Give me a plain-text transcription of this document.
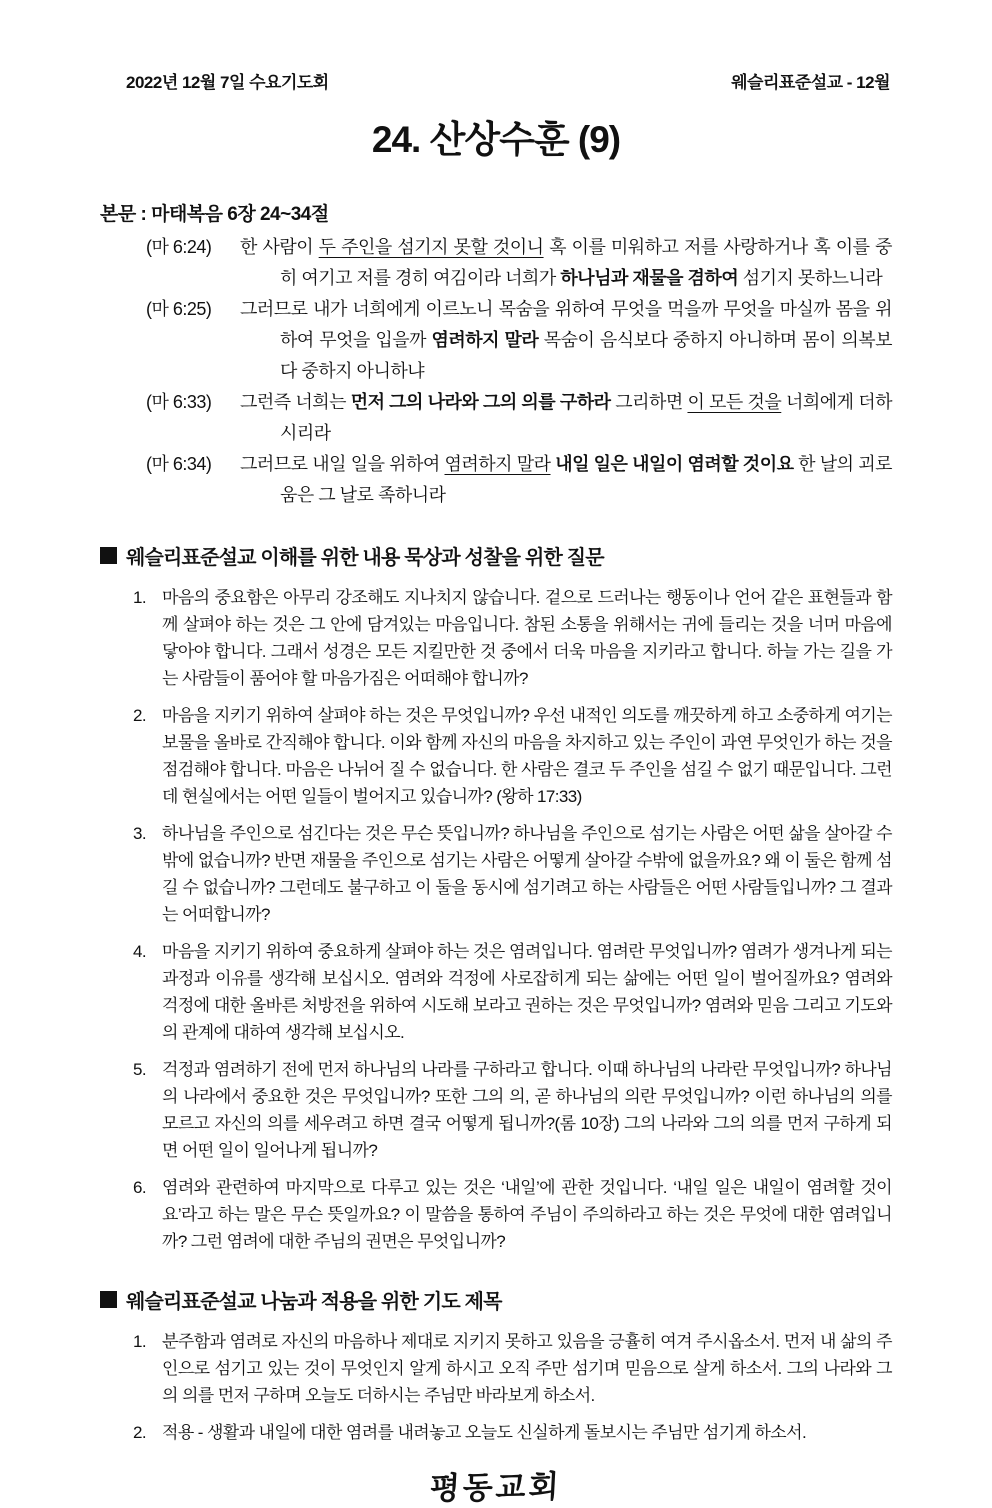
2022년 12월 7일 수요기도회	웨슬리표준설교 - 12월
24. 산상수훈 (9)

본문 : 마태복음 6장 24~34절

(마 6:24)	한 사람이 두 주인을 섬기지 못할 것이니 혹 이를 미워하고 저를 사랑하거나 혹 이를 중히 여기고 저를 경히 여김이라 너희가 하나님과 재물을 겸하여 섬기지 못하느니라
(마 6:25)	그러므로 내가 너희에게 이르노니 목숨을 위하여 무엇을 먹을까 무엇을 마실까 몸을 위하여 무엇을 입을까 염려하지 말라 목숨이 음식보다 중하지 아니하며 몸이 의복보다 중하지 아니하냐
(마 6:33)	그런즉 너희는 먼저 그의 나라와 그의 의를 구하라 그리하면 이 모든 것을 너희에게 더하시리라
(마 6:34)	그러므로 내일 일을 위하여 염려하지 말라 내일 일은 내일이 염려할 것이요 한 날의 괴로움은 그 날로 족하니라
웨슬리표준설교 이해를 위한 내용 묵상과 성찰을 위한 질문
1. 마음의 중요함은 아무리 강조해도 지나치지 않습니다. 겉으로 드러나는 행동이나 언어 같은 표현들과 함께 살펴야 하는 것은 그 안에 담겨있는 마음입니다. 참된 소통을 위해서는 귀에 들리는 것을 너머 마음에 닿아야 합니다. 그래서 성경은 모든 지킬만한 것 중에서 더욱 마음을 지키라고 합니다. 하늘 가는 길을 가는 사람들이 품어야 할 마음가짐은 어떠해야 합니까?
2. 마음을 지키기 위하여 살펴야 하는 것은 무엇입니까? 우선 내적인 의도를 깨끗하게 하고 소중하게 여기는 보물을 올바로 간직해야 합니다. 이와 함께 자신의 마음을 차지하고 있는 주인이 과연 무엇인가 하는 것을 점검해야 합니다. 마음은 나뉘어 질 수 없습니다. 한 사람은 결코 두 주인을 섬길 수 없기 때문입니다. 그런데 현실에서는 어떤 일들이 벌어지고 있습니까? (왕하 17:33)
3. 하나님을 주인으로 섬긴다는 것은 무슨 뜻입니까? 하나님을 주인으로 섬기는 사람은 어떤 삶을 살아갈 수 밖에 없습니까? 반면 재물을 주인으로 섬기는 사람은 어떻게 살아갈 수밖에 없을까요? 왜 이 둘은 함께 섬길 수 없습니까? 그런데도 불구하고 이 둘을 동시에 섬기려고 하는 사람들은 어떤 사람들입니까? 그 결과는 어떠합니까?
4. 마음을 지키기 위하여 중요하게 살펴야 하는 것은 염려입니다. 염려란 무엇입니까? 염려가 생겨나게 되는 과정과 이유를 생각해 보십시오. 염려와 걱정에 사로잡히게 되는 삶에는 어떤 일이 벌어질까요? 염려와 걱정에 대한 올바른 처방전을 위하여 시도해 보라고 권하는 것은 무엇입니까? 염려와 믿음 그리고 기도와의 관계에 대하여 생각해 보십시오.
5. 걱정과 염려하기 전에 먼저 하나님의 나라를 구하라고 합니다. 이때 하나님의 나라란 무엇입니까? 하나님의 나라에서 중요한 것은 무엇입니까? 또한 그의 의, 곧 하나님의 의란 무엇입니까? 이런 하나님의 의를 모르고 자신의 의를 세우려고 하면 결국 어떻게 됩니까?(롬 10장) 그의 나라와 그의 의를 먼저 구하게 되면 어떤 일이 일어나게 됩니까?
6. 염려와 관련하여 마지막으로 다루고 있는 것은 ‘내일’에 관한 것입니다. ‘내일 일은 내일이 염려할 것이요’라고 하는 말은 무슨 뜻일까요? 이 말씀을 통하여 주님이 주의하라고 하는 것은 무엇에 대한 염려입니까? 그런 염려에 대한 주님의 권면은 무엇입니까?
웨슬리표준설교 나눔과 적용을 위한 기도 제목
1. 분주함과 염려로 자신의 마음하나 제대로 지키지 못하고 있음을 긍휼히 여겨 주시옵소서. 먼저 내 삶의 주인으로 섬기고 있는 것이 무엇인지 알게 하시고 오직 주만 섬기며 믿음으로 살게 하소서. 그의 나라와 그의 의를 먼저 구하며 오늘도 더하시는 주님만 바라보게 하소서.
2. 적용 - 생활과 내일에 대한 염려를 내려놓고 오늘도 신실하게 돌보시는 주님만 섬기게 하소서.
평동교회
